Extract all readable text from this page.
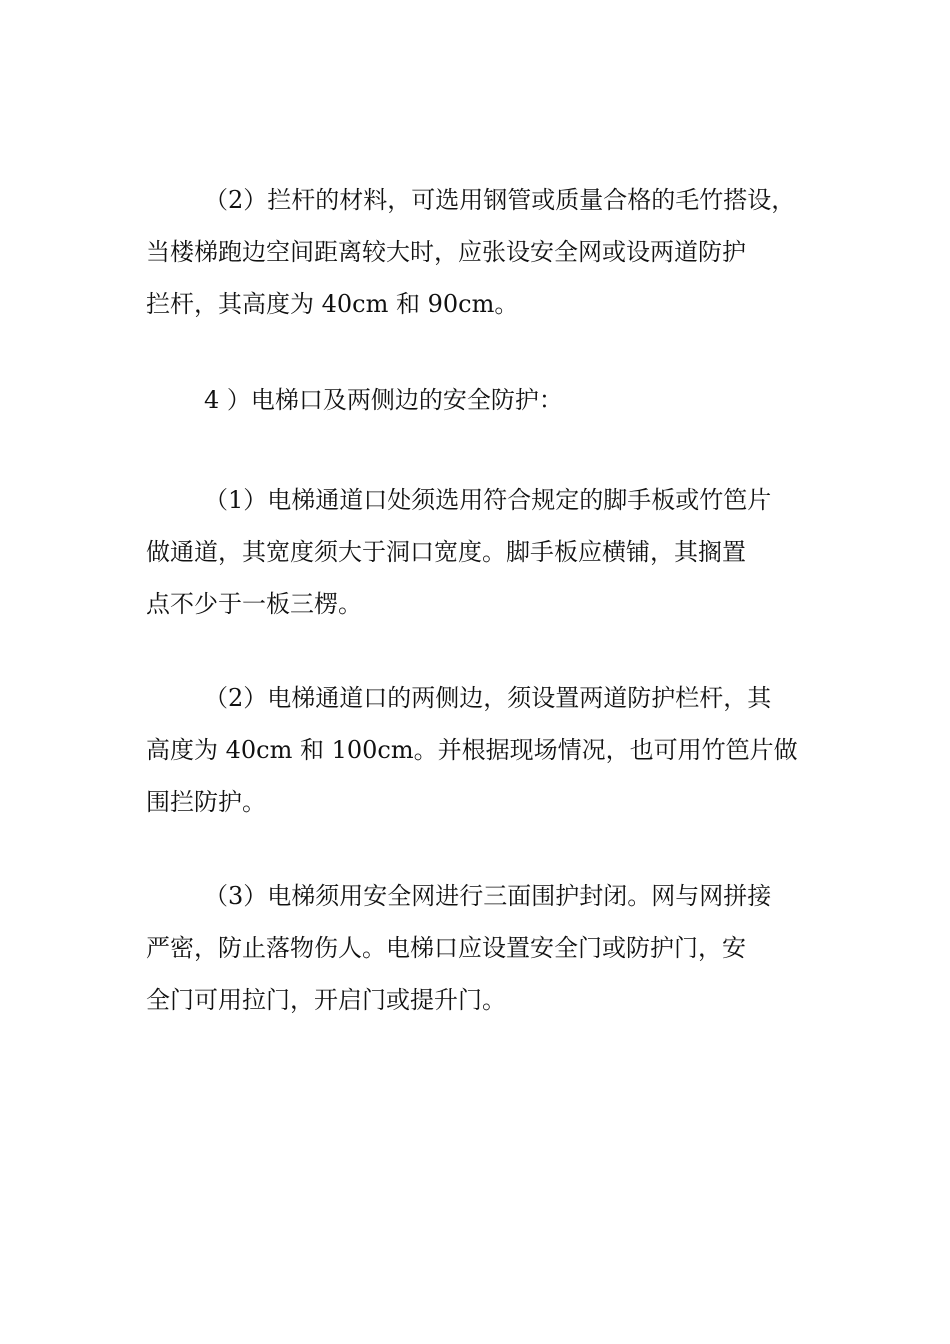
（2）拦杆的材料，可选用钢管或质量合格的毛竹搭设，
当楼梯跑边空间距离较大时，应张设安全网或设两道防护
拦杆，其高度为 40cm 和 90cm。
4 ）电梯口及两侧边的安全防护：
（1）电梯通道口处须选用符合规定的脚手板或竹笆片
做通道，其宽度须大于洞口宽度。脚手板应横铺，其搁置
点不少于一板三楞。
（2）电梯通道口的两侧边，须设置两道防护栏杆，其
高度为 40cm 和 100cm。并根据现场情况，也可用竹笆片做
围拦防护。
（3）电梯须用安全网进行三面围护封闭。网与网拼接
严密，防止落物伤人。电梯口应设置安全门或防护门，安
全门可用拉门，开启门或提升门。
